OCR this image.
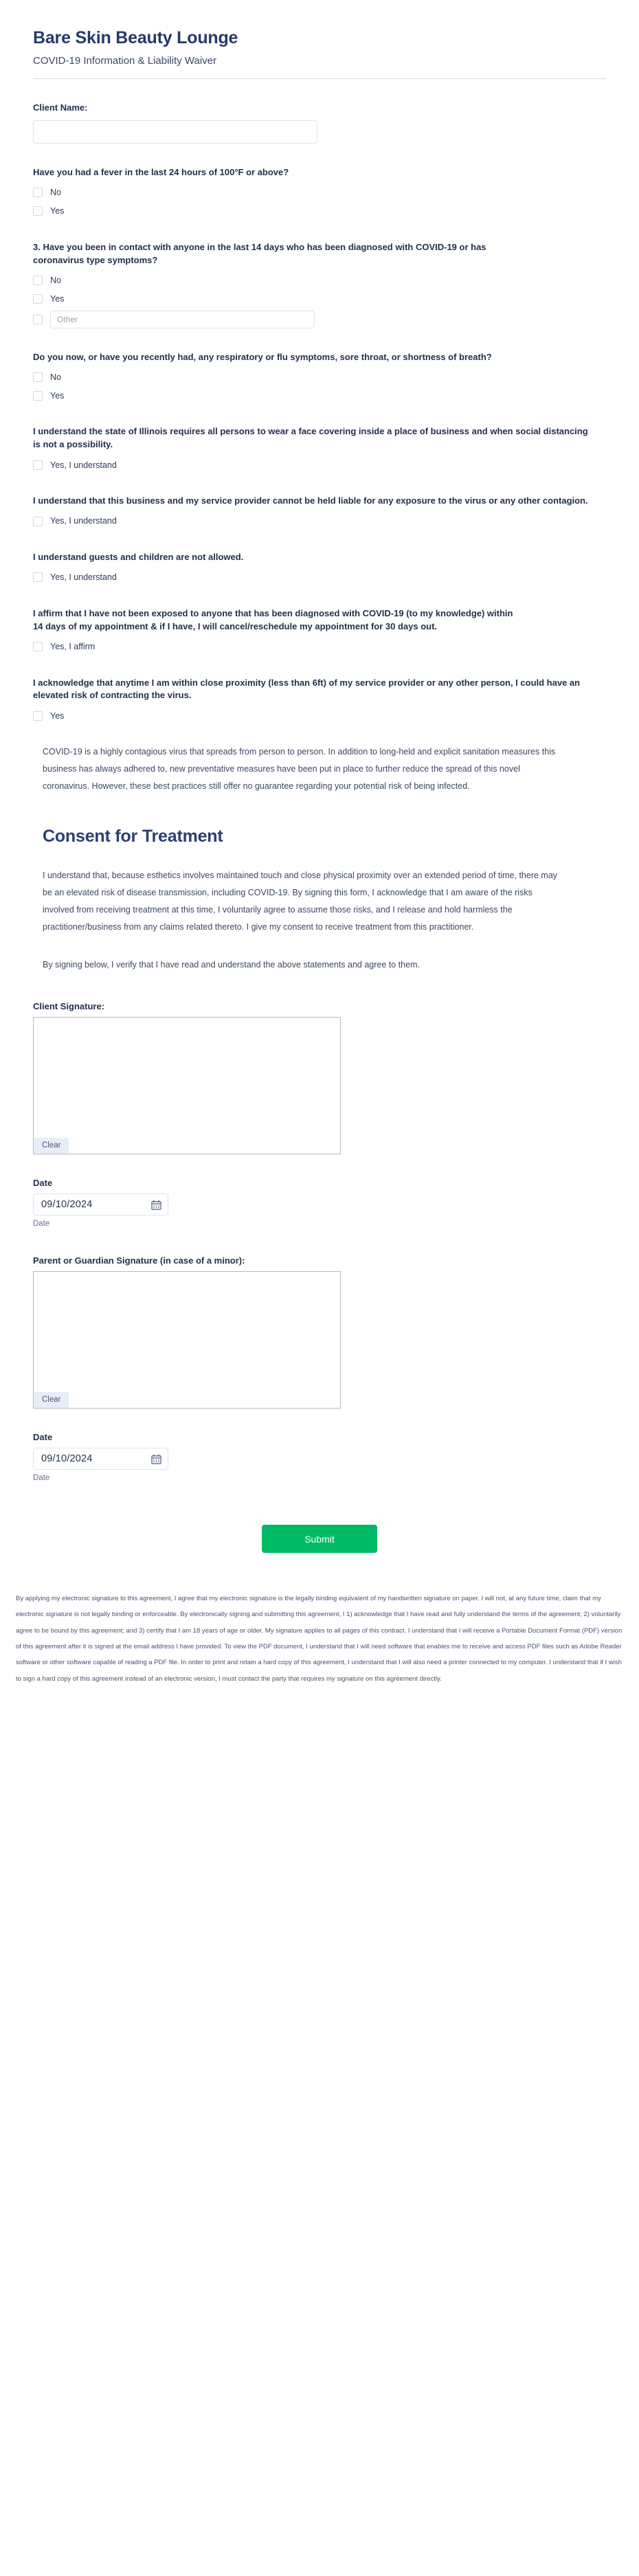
Bare Skin Beauty Lounge
COVID-19 Information & Liability Waiver
Client Name:
Have you had a fever in the last 24 hours of 100°F or above?
No
Yes
3. Have you been in contact with anyone in the last 14 days who has been diagnosed with COVID-19 or has coronavirus type symptoms?
No
Yes
Other
Do you now, or have you recently had, any respiratory or flu symptoms, sore throat, or shortness of breath?
No
Yes
I understand the state of Illinois requires all persons to wear a face covering inside a place of business and when social distancing is not a possibility.
Yes, I understand
I understand that this business and my service provider cannot be held liable for any exposure to the virus or any other contagion.
Yes, I understand
I understand guests and children are not allowed.
Yes, I understand
I affirm that I have not been exposed to anyone that has been diagnosed with COVID-19 (to my knowledge) within 14 days of my appointment & if I have, I will cancel/reschedule my appointment for 30 days out.
Yes, I affirm
I acknowledge that anytime I am within close proximity (less than 6ft) of my service provider or any other person, I could have an elevated risk of contracting the virus.
Yes

COVID-19 is a highly contagious virus that spreads from person to person. In addition to long-held and explicit sanitation measures this business has always adhered to, new preventative measures have been put in place to further reduce the spread of this novel coronavirus. However, these best practices still offer no guarantee regarding your potential risk of being infected.

Consent for Treatment

I understand that, because esthetics involves maintained touch and close physical proximity over an extended period of time, there may be an elevated risk of disease transmission, including COVID-19. By signing this form, I acknowledge that I am aware of the risks involved from receiving treatment at this time, I voluntarily agree to assume those risks, and I release and hold harmless the practitioner/business from any claims related thereto. I give my consent to receive treatment from this practitioner.

By signing below, I verify that I have read and understand the above statements and agree to them.

Client Signature:
Clear
Date
09/10/2024
Date
Parent or Guardian Signature (in case of a minor):
Clear
Date
09/10/2024
Date
Submit

By applying my electronic signature to this agreement, I agree that my electronic signature is the legally binding equivalent of my handwritten signature on paper. I will not, at any future time, claim that my electronic signature is not legally binding or enforceable. By electronically signing and submitting this agreement, I 1) acknowledge that I have read and fully understand the terms of the agreement; 2) voluntarily agree to be bound by this agreement; and 3) certify that I am 18 years of age or older. My signature applies to all pages of this contract. I understand that I will receive a Portable Document Format (PDF) version of this agreement after it is signed at the email address I have provided. To view the PDF document, I understand that I will need software that enables me to receive and access PDF files such as Adobe Reader software or other software capable of reading a PDF file. In order to print and retain a hard copy of this agreement, I understand that I will also need a printer connected to my computer. I understand that if I wish to sign a hard copy of this agreement instead of an electronic version, I must contact the party that requires my signature on this agreement directly.
